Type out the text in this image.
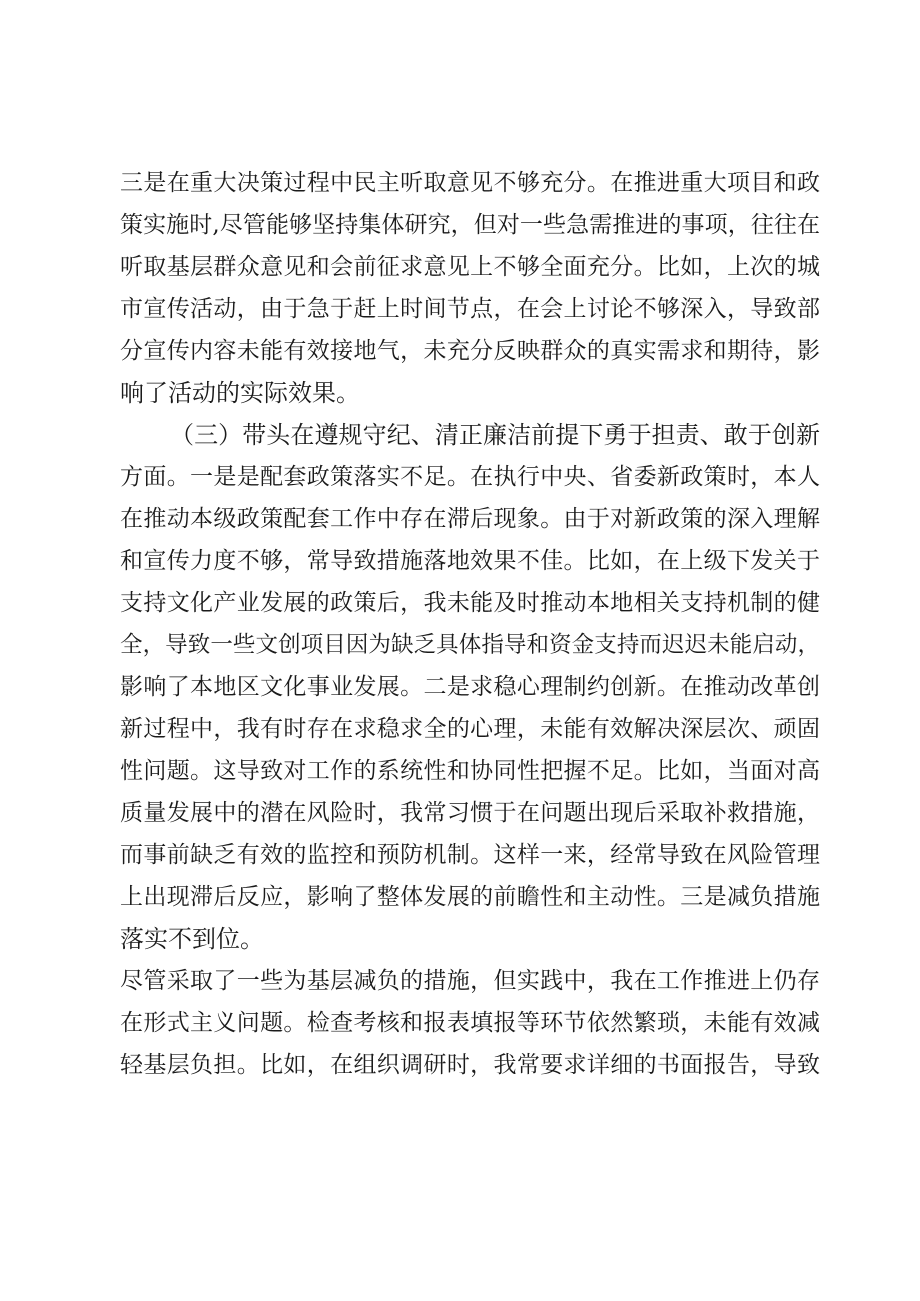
三是在重大决策过程中民主听取意见不够充分。在推进重大项目和政
策实施时,尽管能够坚持集体研究，但对一些急需推进的事项，往往在
听取基层群众意见和会前征求意见上不够全面充分。比如，上次的城
市宣传活动，由于急于赶上时间节点，在会上讨论不够深入，导致部
分宣传内容未能有效接地气，未充分反映群众的真实需求和期待，影
响了活动的实际效果。
（三）带头在遵规守纪、清正廉洁前提下勇于担责、敢于创新
方面。一是是配套政策落实不足。在执行中央、省委新政策时，本人
在推动本级政策配套工作中存在滞后现象。由于对新政策的深入理解
和宣传力度不够，常导致措施落地效果不佳。比如，在上级下发关于
支持文化产业发展的政策后，我未能及时推动本地相关支持机制的健
全，导致一些文创项目因为缺乏具体指导和资金支持而迟迟未能启动，
影响了本地区文化事业发展。二是求稳心理制约创新。在推动改革创
新过程中，我有时存在求稳求全的心理，未能有效解决深层次、顽固
性问题。这导致对工作的系统性和协同性把握不足。比如，当面对高
质量发展中的潜在风险时，我常习惯于在问题出现后采取补救措施，
而事前缺乏有效的监控和预防机制。这样一来，经常导致在风险管理
上出现滞后反应，影响了整体发展的前瞻性和主动性。三是减负措施
落实不到位。
尽管采取了一些为基层减负的措施，但实践中，我在工作推进上仍存
在形式主义问题。检查考核和报表填报等环节依然繁琐，未能有效减
轻基层负担。比如，在组织调研时，我常要求详细的书面报告，导致
